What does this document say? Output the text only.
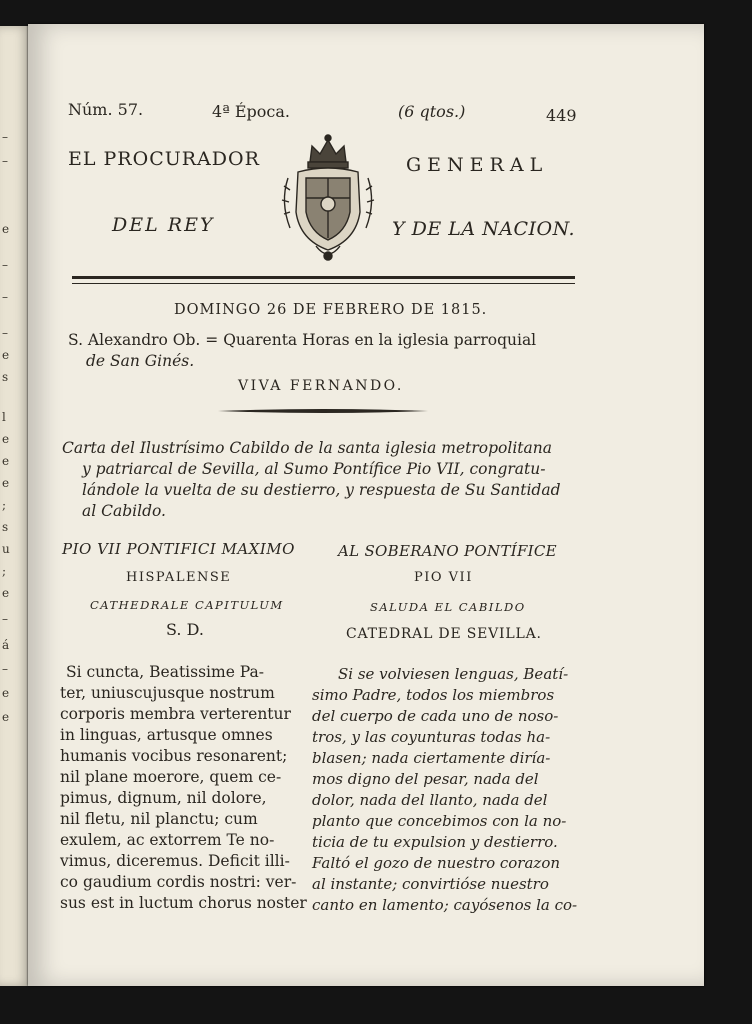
–
–
e
–
–
–
e
s
l
e
e
e
;
s
u
;
e
–
á
–
e
e
Núm. 57.	4ª Época.	(6 qtos.)	449
EL PROCURADOR	GENERAL
DEL REY	Y DE LA NACION.
DOMINGO 26 DE FEBRERO DE 1815.
S. Alexandro Ob. = Quarenta Horas en la iglesia parroquial
de San Ginés.
VIVA FERNANDO.
Carta del Ilustrísimo Cabildo de la santa iglesia metropolitana
y patriarcal de Sevilla, al Sumo Pontífice Pio VII, congratu-
lándole la vuelta de su destierro, y respuesta de Su Santidad
al Cabildo.
PIO VII PONTIFICI MAXIMO
HISPALENSE
CATHEDRALE CAPITULUM
S. D.
AL SOBERANO PONTÍFICE
PIO VII
SALUDA EL CABILDO
CATEDRAL DE SEVILLA.
Si cuncta, Beatissime Pa-
ter, uniuscujusque nostrum
corporis membra verterentur
in linguas, artusque omnes
humanis vocibus resonarent;
nil plane moerore, quem ce-
pimus, dignum, nil dolore,
nil fletu, nil planctu; cum
exulem, ac extorrem Te no-
vimus, diceremus. Deficit illi-
co gaudium cordis nostri: ver-
sus est in luctum chorus noster
Si se volviesen lenguas, Beatí-
simo Padre, todos los miembros
del cuerpo de cada uno de noso-
tros, y las coyunturas todas ha-
blasen; nada ciertamente diría-
mos digno del pesar, nada del
dolor, nada del llanto, nada del
planto que concebimos con la no-
ticia de tu expulsion y destierro.
Faltó el gozo de nuestro corazon
al instante; convirtióse nuestro
canto en lamento; cayósenos la co-
